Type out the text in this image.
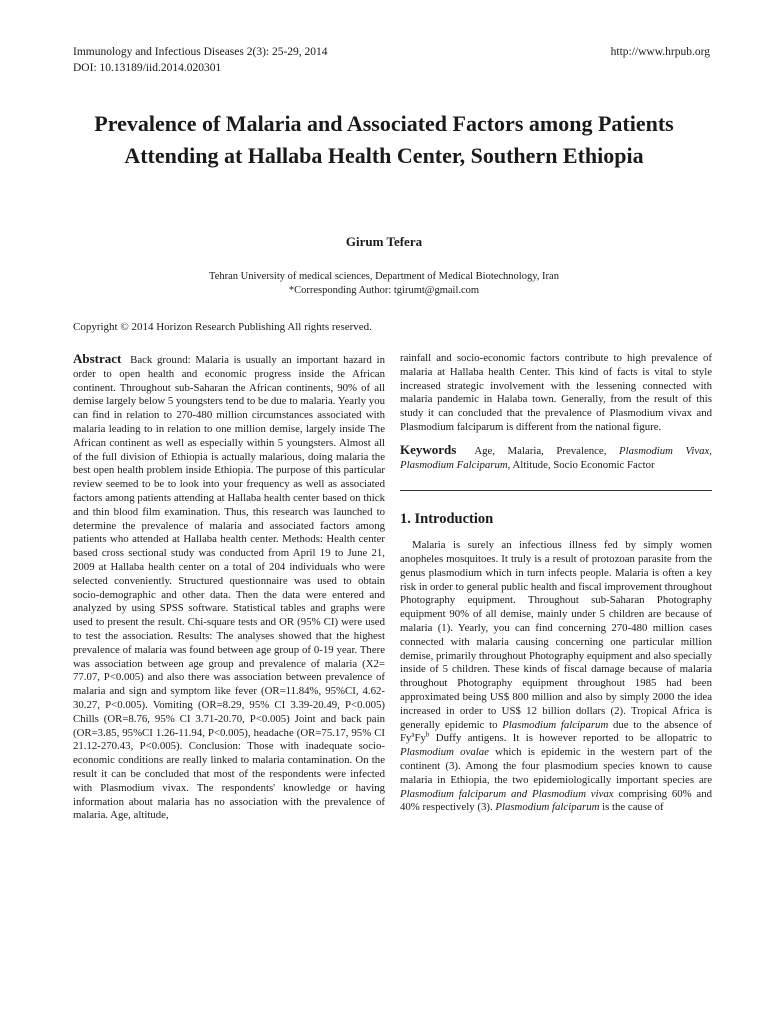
Immunology and Infectious Diseases 2(3): 25-29, 2014
DOI: 10.13189/iid.2014.020301
http://www.hrpub.org
Prevalence of Malaria and Associated Factors among Patients Attending at Hallaba Health Center, Southern Ethiopia
Girum Tefera
Tehran University of medical sciences, Department of Medical Biotechnology, Iran
*Corresponding Author: tgirumt@gmail.com
Copyright © 2014 Horizon Research Publishing All rights reserved.

Abstract Back ground: Malaria is usually an important hazard in order to open health and economic progress inside the African continent. Throughout sub-Saharan the African continents, 90% of all demise largely below 5 youngsters tend to be due to malaria. Yearly you can find in relation to 270-480 million circumstances associated with malaria leading to in relation to one million demise, largely inside The African continent as well as especially within 5 youngsters. Almost all of the full division of Ethiopia is actually malarious, doing malaria the best open health problem inside Ethiopia. The purpose of this particular review seemed to be to look into your frequency as well as associated factors among patients attending at Hallaba health center based on thick and thin blood film examination. Thus, this research was launched to determine the prevalence of malaria and associated factors among patients who attended at Hallaba health center. Methods: Health center based cross sectional study was conducted from April 19 to June 21, 2009 at Hallaba health center on a total of 204 individuals who were selected conveniently. Structured questionnaire was used to obtain socio-demographic and other data. Then the data were entered and analyzed by using SPSS software. Statistical tables and graphs were used to present the result. Chi-square tests and OR (95% CI) were used to test the association. Results: The analyses showed that the highest prevalence of malaria was found between age group of 0-19 year. There was association between age group and prevalence of malaria (X2= 77.07, P<0.005) and also there was association between prevalence of malaria and sign and symptom like fever (OR=11.84%, 95%CI, 4.62-30.27, P<0.005). Vomiting (OR=8.29, 95% CI 3.39-20.49, P<0.005) Chills (OR=8.76, 95% CI 3.71-20.70, P<0.005) Joint and back pain (OR=3.85, 95%CI 1.26-11.94, P<0.005), headache (OR=75.17, 95% CI 21.12-270.43, P<0.005). Conclusion: Those with inadequate socio-economic conditions are really linked to malaria contamination. On the result it can be concluded that most of the respondents were infected with Plasmodium vivax. The respondents' knowledge or having information about malaria has no association with the prevalence of malaria. Age, altitude,

rainfall and socio-economic factors contribute to high prevalence of malaria at Hallaba health Center. This kind of facts is vital to style increased strategic involvement with the lessening connected with malaria pandemic in Halaba town. Generally, from the result of this study it can concluded that the prevalence of Plasmodium vivax and Plasmodium falciparum is different from the national figure.

Keywords Age, Malaria, Prevalence, Plasmodium Vivax, Plasmodium Falciparum, Altitude, Socio Economic Factor

1. Introduction

Malaria is surely an infectious illness fed by simply women anopheles mosquitoes. It truly is a result of protozoan parasite from the genus plasmodium which in turn infects people. Malaria is often a key risk in order to general public health and fiscal improvement throughout Photography equipment. Throughout sub-Saharan Photography equipment 90% of all demise, mainly under 5 children are because of malaria (1). Yearly, you can find concerning 270-480 million cases connected with malaria causing concerning one particular million demise, primarily throughout Photography equipment and also specially inside of 5 children. These kinds of fiscal damage because of malaria throughout Photography equipment throughout 1985 had been approximated being US$ 800 million and also by simply 2000 the idea increased in order to US$ 12 billion dollars (2). Tropical Africa is generally epidemic to Plasmodium falciparum due to the absence of Fy$^a$Fy$^b$ Duffy antigens. It is however reported to be allopatric to Plasmodium ovalae which is epidemic in the western part of the continent (3). Among the four plasmodium species known to cause malaria in Ethiopia, the two epidemiologically important species are Plasmodium falciparum and Plasmodium vivax comprising 60% and 40% respectively (3). Plasmodium falciparum is the cause of
